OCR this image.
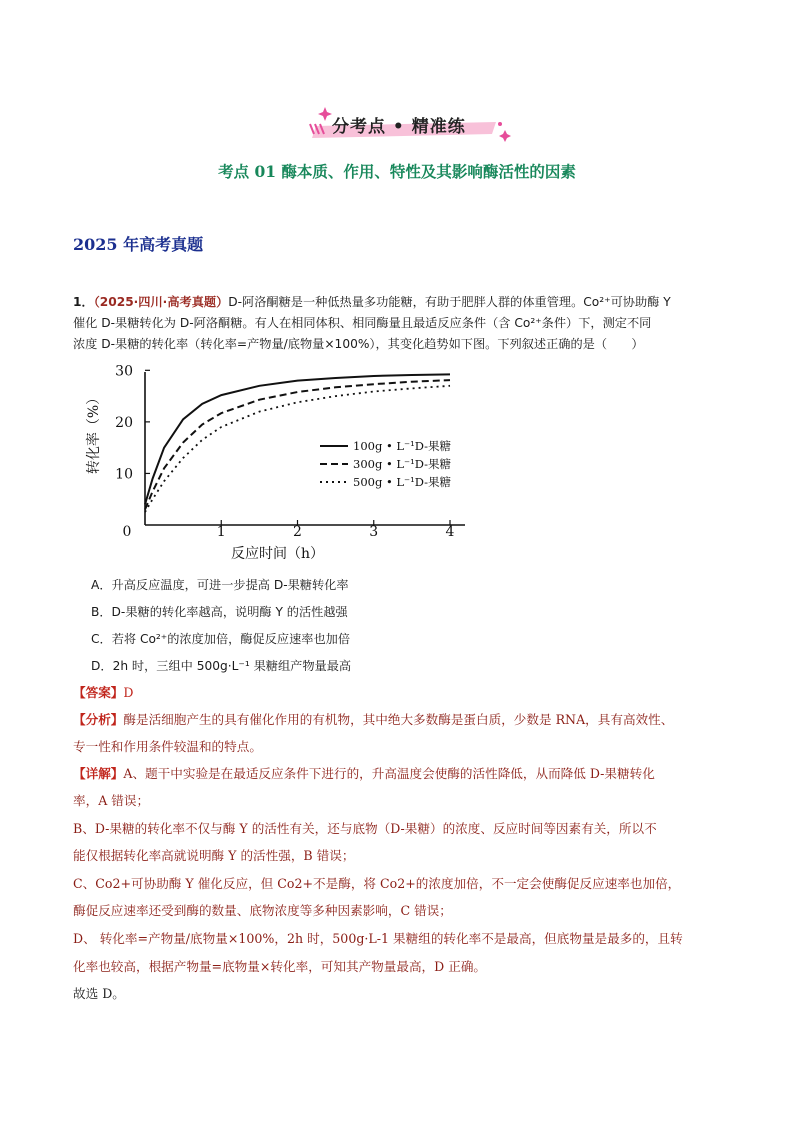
分考点 • 精准练
考点 01 酶本质、作用、特性及其影响酶活性的因素
2025 年高考真题
1．（2025·四川·高考真题）D-阿洛酮糖是一种低热量多功能糖，有助于肥胖人群的体重管理。Co²⁺可协助酶 Y
催化 D-果糖转化为 D-阿洛酮糖。有人在相同体积、相同酶量且最适反应条件（含 Co²⁺条件）下，测定不同
浓度 D-果糖的转化率（转化率=产物量/底物量×100%），其变化趋势如下图。下列叙述正确的是（　　）
0	1	2	3	4
10
20
30
反应时间（h）
转化率（%）	100g • L⁻¹D-果糖
300g • L⁻¹D-果糖
500g • L⁻¹D-果糖
A．升高反应温度，可进一步提高 D-果糖转化率
B．D-果糖的转化率越高，说明酶 Y 的活性越强
C．若将 Co²⁺的浓度加倍，酶促反应速率也加倍
D．2h 时，三组中 500g·L⁻¹ 果糖组产物量最高
【答案】D
【分析】酶是活细胞产生的具有催化作用的有机物，其中绝大多数酶是蛋白质，少数是 RNA，具有高效性、
专一性和作用条件较温和的特点。
【详解】A、题干中实验是在最适反应条件下进行的，升高温度会使酶的活性降低，从而降低 D-果糖转化
率，A 错误；
B、D-果糖的转化率不仅与酶 Y 的活性有关，还与底物（D-果糖）的浓度、反应时间等因素有关，所以不
能仅根据转化率高就说明酶 Y 的活性强，B 错误；
C、Co2+可协助酶 Y 催化反应，但 Co2+不是酶，将 Co2+的浓度加倍，不一定会使酶促反应速率也加倍，
酶促反应速率还受到酶的数量、底物浓度等多种因素影响，C 错误；
D、 转化率=产物量/底物量×100%，2h 时，500g·L-1 果糖组的转化率不是最高，但底物量是最多的，且转
化率也较高，根据产物量=底物量×转化率，可知其产物量最高，D 正确。
故选 D。
